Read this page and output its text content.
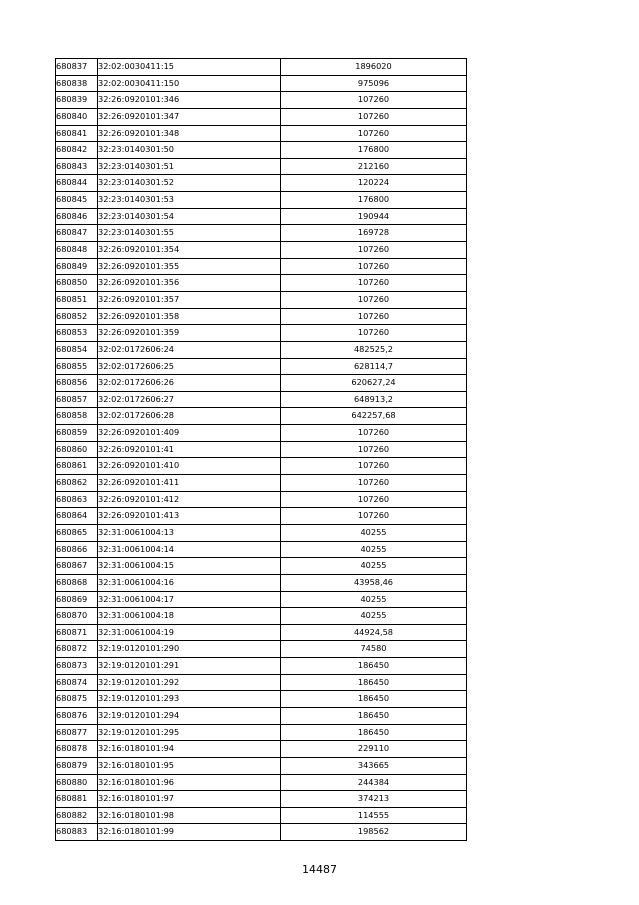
680837	32:02:0030411:15	1896020
680838	32:02:0030411:150	975096
680839	32:26:0920101:346	107260
680840	32:26:0920101:347	107260
680841	32:26:0920101:348	107260
680842	32:23:0140301:50	176800
680843	32:23:0140301:51	212160
680844	32:23:0140301:52	120224
680845	32:23:0140301:53	176800
680846	32:23:0140301:54	190944
680847	32:23:0140301:55	169728
680848	32:26:0920101:354	107260
680849	32:26:0920101:355	107260
680850	32:26:0920101:356	107260
680851	32:26:0920101:357	107260
680852	32:26:0920101:358	107260
680853	32:26:0920101:359	107260
680854	32:02:0172606:24	482525,2
680855	32:02:0172606:25	628114,7
680856	32:02:0172606:26	620627,24
680857	32:02:0172606:27	648913,2
680858	32:02:0172606:28	642257,68
680859	32:26:0920101:409	107260
680860	32:26:0920101:41	107260
680861	32:26:0920101:410	107260
680862	32:26:0920101:411	107260
680863	32:26:0920101:412	107260
680864	32:26:0920101:413	107260
680865	32:31:0061004:13	40255
680866	32:31:0061004:14	40255
680867	32:31:0061004:15	40255
680868	32:31:0061004:16	43958,46
680869	32:31:0061004:17	40255
680870	32:31:0061004:18	40255
680871	32:31:0061004:19	44924,58
680872	32:19:0120101:290	74580
680873	32:19:0120101:291	186450
680874	32:19:0120101:292	186450
680875	32:19:0120101:293	186450
680876	32:19:0120101:294	186450
680877	32:19:0120101:295	186450
680878	32:16:0180101:94	229110
680879	32:16:0180101:95	343665
680880	32:16:0180101:96	244384
680881	32:16:0180101:97	374213
680882	32:16:0180101:98	114555
680883	32:16:0180101:99	198562
14487
